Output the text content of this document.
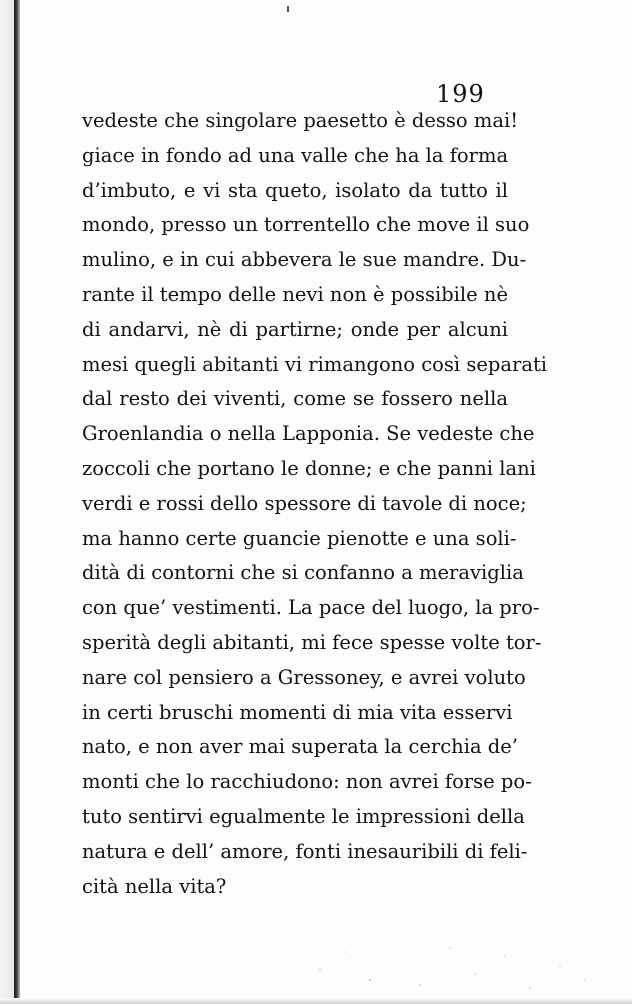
199
vedeste che singolare paesetto è desso mai!
giace in fondo ad una valle che ha la forma
d’imbuto, e vi sta queto, isolato da tutto il
mondo, presso un torrentello che move il suo
mulino, e in cui abbevera le sue mandre. Du-
rante il tempo delle nevi non è possibile nè
di andarvi, nè di partirne; onde per alcuni
mesi quegli abitanti vi rimangono così separati
dal resto dei viventi, come se fossero nella
Groenlandia o nella Lapponia. Se vedeste che
zoccoli che portano le donne; e che panni lani
verdi e rossi dello spessore di tavole di noce;
ma hanno certe guancie pienotte e una soli-
dità di contorni che si confanno a meraviglia
con que’ vestimenti. La pace del luogo, la pro-
sperità degli abitanti, mi fece spesse volte tor-
nare col pensiero a Gressoney, e avrei voluto
in certi bruschi momenti di mia vita esservi
nato, e non aver mai superata la cerchia de’
monti che lo racchiudono: non avrei forse po-
tuto sentirvi egualmente le impressioni della
natura e dell’ amore, fonti inesauribili di feli-
cità nella vita?
